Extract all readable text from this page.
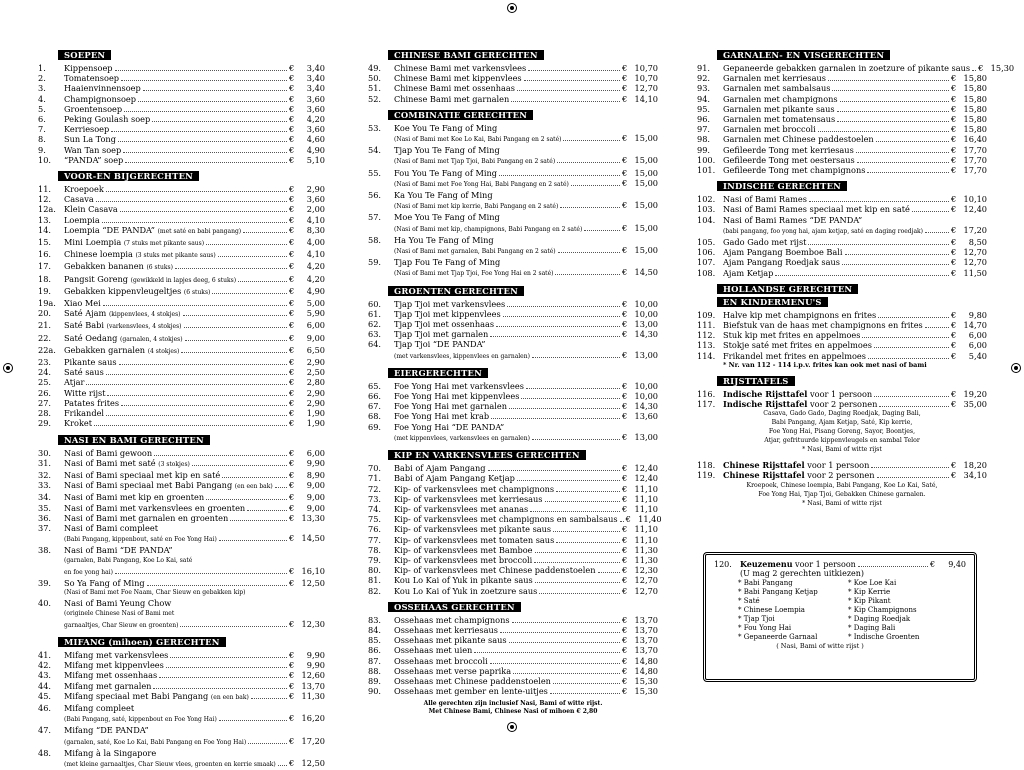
SOEPEN
1.	Kippensoep	€	3,40
2.	Tomatensoep	€	3,40
3.	Haaienvinnensoep	€	3,40
4.	Champignonsoep	€	3,60
5.	Groentensoep	€	3,60
6.	Peking Goulash soep	€	4,20
7.	Kerriesoep	€	3,60
8.	Sun La Tong	€	4,60
9.	Wan Tan soep	€	4,90
10.	“PANDA” soep	€	5,10
VOOR-EN BIJGERECHTEN
11.	Kroepoek	€	2,90
12.	Casava	€	3,60
12a. Klein Casava	€	2,00
13.	Loempia	€	4,10
14.	Loempia “DE PANDA”
(met saté en babi pangang)	€	8,30
15.	Mini Loempia
(7 stuks met pikante saus)	€	4,00
16.	Chinese loempia
(3 stuks met pikante saus)	€	4,10
17.	Gebakken bananen
(6 stuks)	€	4,20
18.	Pangsit Goreng
(gewikkeld in lapjes deeg, 6 stuks)	€	4,20
19.	Gebakken kippenvleugeltjes
(6 stuks)	€	4,90
19a. Xiao Mei	€	5,00
20.	Saté Ajam
(kippenvlees, 4 stokjes)	€	5,90
21.	Saté Babi
(varkensvlees, 4 stokjes)	€	6,00
22.	Saté Oedang
(garnalen, 4 stokjes)	€	9,00
22a. Gebakken garnalen
(4 stokjes)	€	6,50
23.	Pikante saus	€	2,90
24.	Saté saus	€	2,50
25.	Atjar	€	2,80
26.	Witte rijst	€	2,90
27.	Patates frites	€	2,90
28.	Frikandel	€	1,90
29.	Kroket	€	1,90
NASI EN BAMI GERECHTEN
30.	Nasi of Bami gewoon	€	6,00
31.	Nasi of Bami met saté
(3 stokjes)	€	9,90
32.	Nasi of Bami speciaal met kip en saté	€	8,90
33.	Nasi of Bami speciaal met Babi Pangang
(en een bak) €	9,00
34.	Nasi of Bami met kip en groenten	€	9,00
35.	Nasi of Bami met varkensvlees en groenten	€	9,00
36.	Nasi of Bami met garnalen en groenten	€ 13,30
37.	Nasi of Bami compleet
(Babi Pangang, kippenbout, saté en Foe Yong Hai)	€ 14,50
38.	Nasi of Bami “DE PANDA”
(garnalen, Babi Pangang, Koe Lo Kai, saté
en foe yong hai)	€ 16,10
39.	So Ya Fang of Ming	€ 12,50
(Nasi of Bami met Foe Naam, Char Sieuw en gebakken kip)
40.	Nasi of Bami Yeung Chow
(originele Chinese Nasi of Bami met
garnaaltjes, Char Sieuw en groenten)	€ 12,30
MIFANG (mihoen) GERECHTEN
41.	Mifang met varkensvlees	€	9,90
42.	Mifang met kippenvlees	€	9,90
43.	Mifang met ossenhaas	€ 12,60
44.	Mifang met garnalen	€ 13,70
45.	Mifang speciaal met Babi Pangang
(en een bak)	€ 11,30
46.	Mifang compleet
(Babi Pangang, saté, kippenbout en Foe Yong Hai)	€ 16,20
47.	Mifang “DE PANDA”
(garnalen, saté, Koe Lo Kai, Babi Pangang en Foe Yong Hai)	€ 17,20
48.	Mifang à la Singapore
(met kleine garnaaltjes, Char Sieuw vlees, groenten en kerrie smaak) € 12,50
CHINESE BAMI GERECHTEN
49.	Chinese Bami met varkensvlees	€ 10,70
50.	Chinese Bami met kippenvlees	€ 10,70
51.	Chinese Bami met ossenhaas	€ 12,70
52.	Chinese Bami met garnalen	€ 14,10
COMBINATIE GERECHTEN
53.	Koe You Te Fang of Ming
(Nasi of Bami met Koe Lo Kai, Babi Pangang en 2 saté)	€ 15,00
54.	Tjap You Te Fang of Ming
(Nasi of Bami met Tjap Tjoi, Babi Pangang en 2 saté)	€ 15,00
55.	Fou You Te Fang of Ming	€ 15,00
(Nasi of Bami met Foe Yong Hai, Babi Pangang en 2 saté)	€ 15,00
56.	Ka You Te Fang of Ming
(Nasi of Bami met kip kerrie, Babi Pangang en 2 saté)	€ 15,00
57.	Moe You Te Fang of Ming
(Nasi of Bami met kip, champignons, Babi Pangang en 2 saté)	€ 15,00
58.	Ha You Te Fang of Ming
(Nasi of Bami met garnalen, Babi Pangang en 2 saté)	€ 15,00
59.	Tjap Fou Te Fang of Ming
(Nasi of Bami met Tjap Tjoi, Foe Yong Hai en 2 saté)	€ 14,50
GROENTEN GERECHTEN
60.	Tjap Tjoi met varkensvlees	€ 10,00
61.	Tjap Tjoi met kippenvlees	€ 10,00
62.	Tjap Tjoi met ossenhaas	€ 13,00
63.	Tjap Tjoi met garnalen	€ 14,30
64.	Tjap Tjoi “DE PANDA”
(met varkensvlees, kippenvlees en garnalen)	€ 13,00
EIERGERECHTEN
65.	Foe Yong Hai met varkensvlees	€ 10,00
66.	Foe Yong Hai met kippenvlees	€ 10,00
67.	Foe Yong Hai met garnalen	€ 14,30
68.	Foe Yong Hai met krab	€ 13,60
69.	Foe Yong Hai “DE PANDA”
(met kippenvlees, varkensvlees en garnalen)	€ 13,00
KIP EN VARKENSVLEES GERECHTEN
70.	Babi of Ajam Pangang	€ 12,40
71.	Babi of Ajam Pangang Ketjap	€ 12,40
72.	Kip- of varkensvlees met champignons	€ 11,10
73.	Kip- of varkensvlees met kerriesaus	€ 11,10
74.	Kip- of varkensvlees met ananas	€ 11,10
75.	Kip- of varkensvlees met champignons en sambalsaus € 11,40
76.	Kip- of varkensvlees met pikante saus	€ 11,10
77.	Kip- of varkensvlees met tomaten saus	€ 11,10
78.	Kip- of varkensvlees met Bamboe	€ 11,30
79.	Kip- of varkensvlees met broccoli	€ 11,30
80.	Kip- of varkensvlees met Chinese paddenstoelen	€ 12,30
81.	Kou Lo Kai of Yuk in pikante saus	€ 12,70
82.	Kou Lo Kai of Yuk in zoetzure saus	€ 12,70
OSSEHAAS GERECHTEN
83.	Ossehaas met champignons	€ 13,70
84.	Ossehaas met kerriesaus	€ 13,70
85.	Ossehaas met pikante saus	€ 13,70
86.	Ossehaas met uien	€ 13,70
87.	Ossehaas met broccoli	€ 14,80
88.	Ossehaas met verse paprika	€ 14,80
89.	Ossehaas met Chinese paddenstoelen	€ 15,30
90.	Ossehaas met gember en lente-uitjes	€ 15,30
Alle gerechten zijn inclusief Nasi, Bami of witte rijst.
Met Chinese Bami, Chinese Nasi of mihoen € 2,80
GARNALEN- EN VISGERECHTEN
91.	Gepaneerde gebakken garnalen in zoetzure of pikante saus € 15,30
92.	Garnalen met kerriesaus	€ 15,80
93.	Garnalen met sambalsaus	€ 15,80
94.	Garnalen met champignons	€ 15,80
95.	Garnalen met pikante saus	€ 15,80
96.	Garnalen met tomatensaus	€ 15,80
97.	Garnalen met broccoli	€ 15,80
98.	Garnalen met Chinese paddestoelen	€ 16,40
99.	Gefileerde Tong met kerriesaus	€ 17,70
100. Gefileerde Tong met oestersaus	€ 17,70
101. Gefileerde Tong met champignons	€ 17,70
INDISCHE GERECHTEN
102. Nasi of Bami Rames	€ 10,10
103. Nasi of Bami Rames speciaal met kip en saté	€ 12,40
104. Nasi of Bami Rames “DE PANDA”
(babi pangang, foo yong hai, ajam ketjap, saté en daging roedjak)	€ 17,20
105. Gado Gado met rijst	€	8,50
106. Ajam Pangang Boemboe Bali	€ 12,70
107. Ajam Pangang Roedjak saus	€ 12,70
108. Ajam Ketjap	€ 11,50
HOLLANDSE GERECHTEN
EN KINDERMENU'S
109. Halve kip met champignons en frites	€	9,80
111. Biefstuk van de haas met champignons en frites	€ 14,70
112. Stuk kip met frites en appelmoes	€	6,00
113. Stokje saté met frites en appelmoes	€	6,00
114. Frikandel met frites en appelmoes	€	5,40
* Nr. van 112 - 114 i.p.v. frites kan ook met nasi of bami
RIJSTTAFELS
116. Indische Rijsttafel voor 1 persoon	€ 19,20
117. Indische Rijsttafel voor 2 personen	€ 35,00
Casava, Gado Gado, Daging Roedjak, Daging Bali,
Babi Pangang, Ajam Ketjap, Saté, Kip kerrie,
Foe Yong Hai, Pisang Goreng, Sayor, Boontjes,
Atjar, gefrituurde kippenvleugels en sambal Telor
* Nasi, Bami of witte rijst
118. Chinese Rijsttafel voor 1 persoon	€ 18,20
119. Chinese Rijsttafel voor 2 personen	€ 34,10
Kroepoek, Chinese loempia, Babi Pangang, Koe Lo Kai, Saté,
Foe Yong Hai, Tjap Tjoi, Gebakken Chinese garnalen.
* Nasi, Bami of witte rijst
120.	Keuzemenu voor 1 persoon	€	9,40
(U mag 2 gerechten uitkiezen)
* Babi Pangang
* Babi Pangang Ketjap
* Saté
* Chinese Loempia
* Tjap Tjoi
* Fou Yong Hai
* Gepaneerde Garnaal
* Koe Loe Kai
* Kip Kerrie
* Kip Pikant
* Kip Champignons
* Daging Roedjak
* Daging Bali
* Indische Groenten
( Nasi, Bami of witte rijst )
